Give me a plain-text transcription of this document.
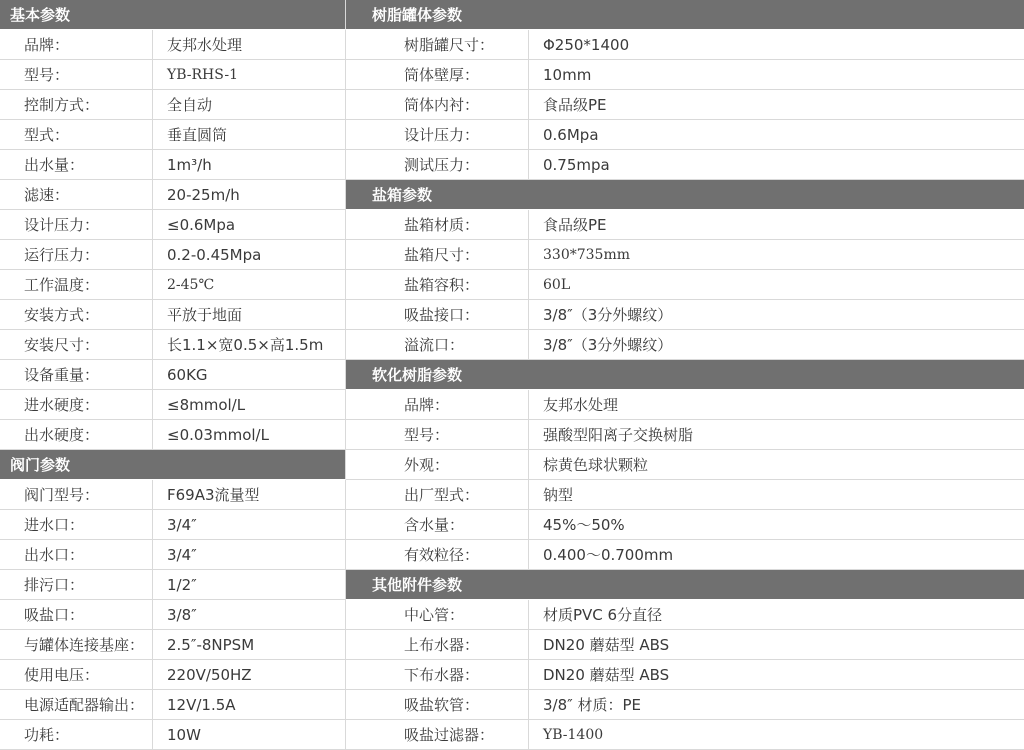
基本参数
品牌：	友邦水处理
型号：	YB-RHS-1
控制方式：	全自动
型式：	垂直圆筒
出水量：	1m³/h
滤速：	20-25m/h
设计压力：	≤0.6Mpa
运行压力：	0.2-0.45Mpa
工作温度：	2-45℃
安装方式：	平放于地面
安装尺寸：	长1.1×宽0.5×高1.5m
设备重量：	60KG
进水硬度：	≤8mmol/L
出水硬度：	≤0.03mmol/L
阀门参数
阀门型号：	F69A3流量型
进水口：	3/4″
出水口：	3/4″
排污口：	1/2″
吸盐口：	3/8″
与罐体连接基座：	2.5″-8NPSM
使用电压：	220V/50HZ
电源适配器输出：	12V/1.5A
功耗：	10W
树脂罐体参数
树脂罐尺寸：	Φ250*1400
筒体壁厚：	10mm
筒体内衬：	食品级PE
设计压力：	0.6Mpa
测试压力：	0.75mpa
盐箱参数
盐箱材质：	食品级PE
盐箱尺寸：	330*735mm
盐箱容积：	60L
吸盐接口：	3/8″（3分外螺纹）
溢流口：	3/8″（3分外螺纹）
软化树脂参数
品牌：	友邦水处理
型号：	强酸型阳离子交换树脂
外观：	棕黄色球状颗粒
出厂型式：	钠型
含水量：	45%～50%
有效粒径：	0.400～0.700mm
其他附件参数
中心管：	材质PVC 6分直径
上布水器：	DN20 蘑菇型 ABS
下布水器：	DN20 蘑菇型 ABS
吸盐软管：	3/8″ 材质：PE
吸盐过滤器：	YB-1400
